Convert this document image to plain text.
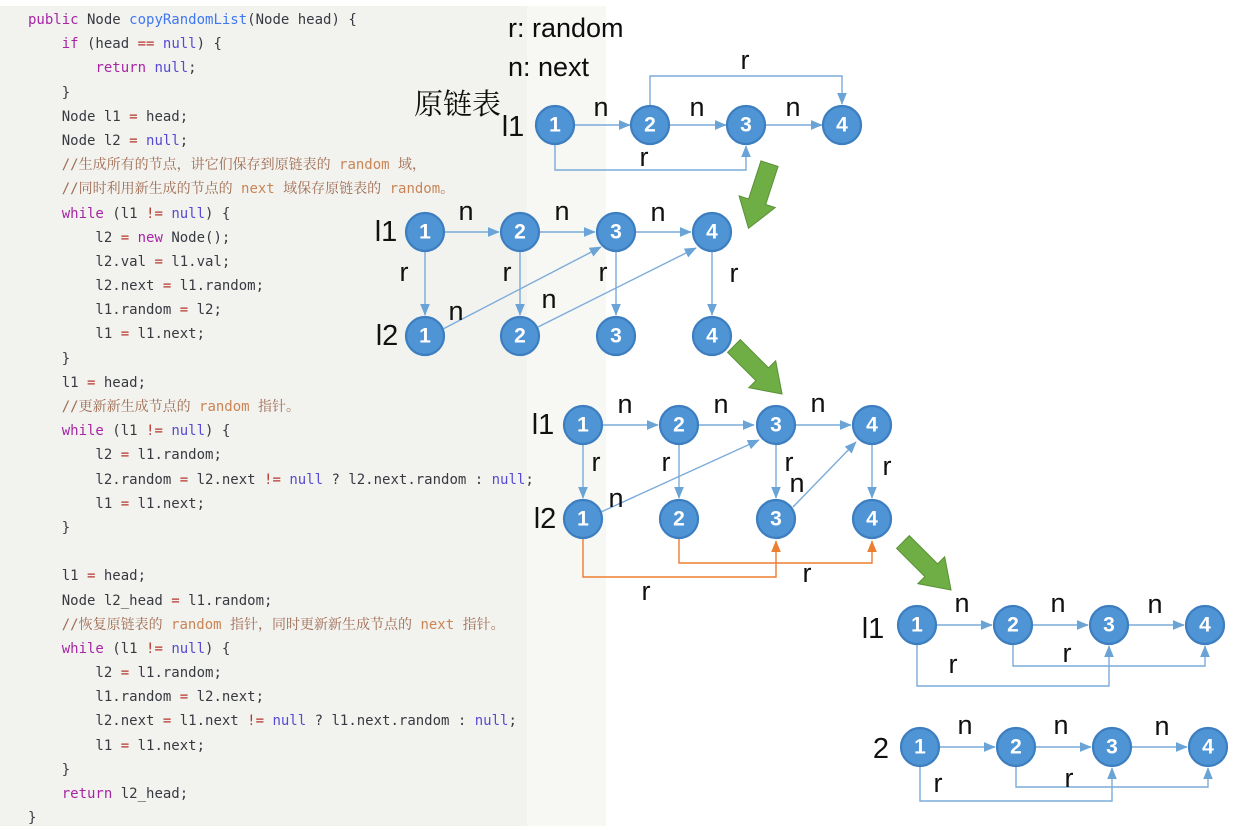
public Node copyRandomList(Node head) {
if (head == null) {
return null;
}
Node l1 = head;
Node l2 = null;
//生成所有的节点，讲它们保存到原链表的 random 域，
//同时利用新生成的节点的 next 域保存原链表的 random。
while (l1 != null) {
l2 = new Node();
l2.val = l1.val;
l2.next = l1.random;
l1.random = l2;
l1 = l1.next;
}
l1 = head;
//更新新生成节点的 random 指针。
while (l1 != null) {
l2 = l1.random;
l2.random = l2.next != null ? l2.next.random : null;
l1 = l1.next;
}

l1 = head;
Node l2_head = l1.random;
//恢复原链表的 random 指针，同时更新新生成节点的 next 指针。
while (l1 != null) {
l2 = l1.random;
l1.random = l2.next;
l2.next = l1.next != null ? l1.next.random : null;
l1 = l1.next;
}
return l2_head;
}
r: random
n: next
原链表
1	2	3	4
n	n	n
r
r
l1
1	2	3	4
1	2	3	4
n	n	n
r	r	r	r
n	n
l1
l2
1	2	3	4
1	2	3	4
n	n	n
r r	r	r
n	n
r
r
l1
l2
1	2	3	4
n	n	n
r	r
l1
1	2	3	4
n	n	n
r	r
2
